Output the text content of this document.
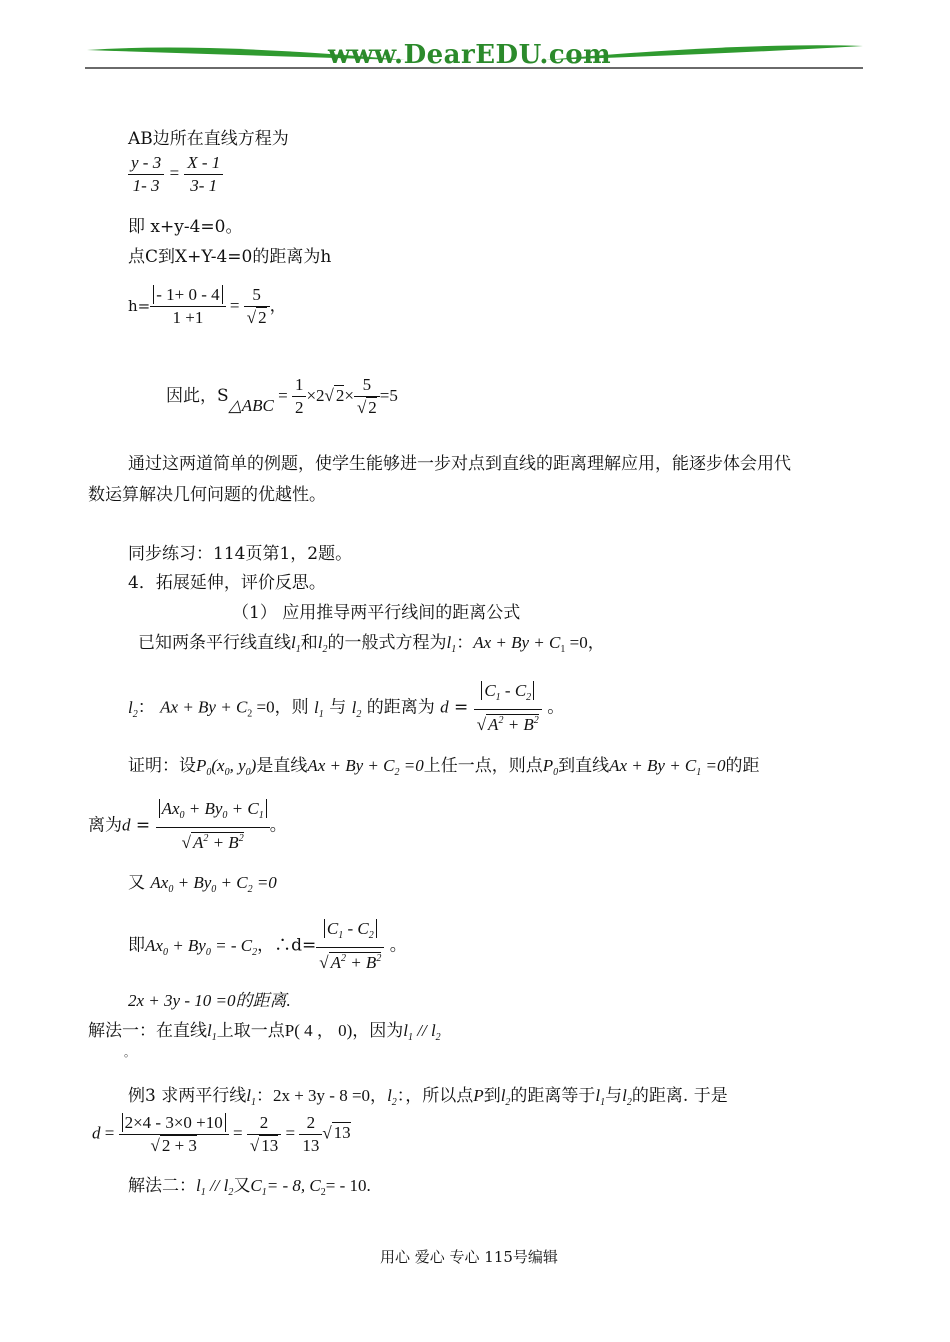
www.DearEDU.com
AB边所在直线方程为
$\frac{y - 3}{1- 3} = \frac{X - 1}{3- 1}$
即 x+y-4=0。
点C到X+Y-4=0的距离为h
$h= \frac{- 1+ 0 - 4}{1 +1} = \frac{5}{√ 2}$ ，
因此，S△ABC = $\frac{1}{2} \times 2√$ $2\times \frac{5}{√ 2} =5$
通过这两道简单的例题，使学生能够进一步对点到直线的距离理解应用，能逐步体会用代
数运算解决几何问题的优越性。
同步练习：114页第1，2题。
4．拓展延伸，评价反思。
（1） 应用推导两平行线间的距离公式
已知两条平行线直线$l_1$和$l_2$的一般式方程为$l_1$：$Ax + By + C_1 =0$，
$l_2$： $Ax + By + C_2 =0$，则 $l_1$ 与 $l_2$ 的距离为 $d = \frac{C_1 - C_2}{√ A^2 + B^2}$ 。
证明：设$P_0(x_0$, $y_0$)是直线$Ax + By + C_2 =0$上任一点，则点$P_0$到直线$Ax + By + C_1 =0$的距
离为$d = \frac{Ax_0 + By_0 + C_1}{√ A^2 + B^2}$ 。
又 $Ax_0 + By_0 + C_2 =0$
即$Ax_0 + By_0$ = - $C_2$，∴d= $\frac{C_1 - C_2}{√ A^2 + B^2}$ 。
2x + 3y - 10 =0的距离.
解法一：在直线$l_1$上取一点P( 4 ， 0)，因为$l_1 // l_2$
。
例3 求两平行线$l_1$：2x + 3y - 8 =0，$l_2$：，所以点P到$l_2$的距离等于$l_1$与$l_2$的距离. 于是
$d = \frac{2\times 4 - 3\times 0 +10}{√ 2 + 3} = \frac{2}{√ 13} = \frac{2}{13}$ √ 13
解法二：$l_1 // l_2$又$C_1= - 8$, $C_2= - 10$.
用心 爱心 专心 115号编辑
